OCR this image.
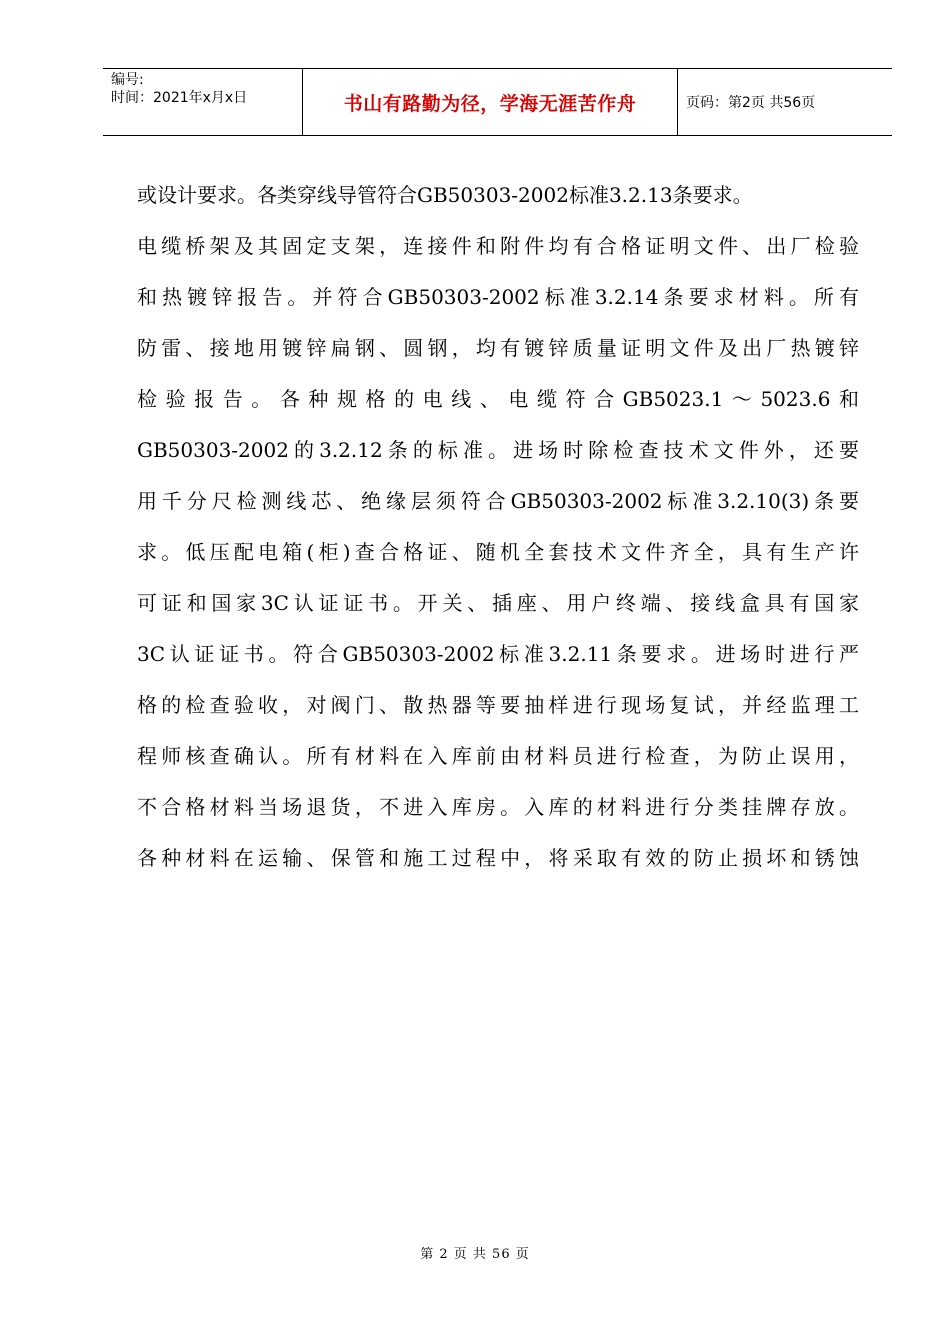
编号:
时间：2021年x月x日	书山有路勤为径，学海无涯苦作舟	页码：第2页 共56页
或设计要求。各类穿线导管符合GB50303-2002标准3.2.13条要求。
电缆桥架及其固定支架，连接件和附件均有合格证明文件、出厂检验
和热镀锌报告。并符合GB50303-2002标准3.2.14条要求材料。所有
防雷、接地用镀锌扁钢、圆钢，均有镀锌质量证明文件及出厂热镀锌
检验报告。各种规格的电线、电缆符合GB5023.1～5023.6和
GB50303-2002的3.2.12条的标准。进场时除检查技术文件外，还要
用千分尺检测线芯、绝缘层须符合GB50303-2002标准3.2.10(3)条要
求。低压配电箱(柜)查合格证、随机全套技术文件齐全，具有生产许
可证和国家3C认证证书。开关、插座、用户终端、接线盒具有国家
3C认证证书。符合GB50303-2002标准3.2.11条要求。进场时进行严
格的检查验收，对阀门、散热器等要抽样进行现场复试，并经监理工
程师核查确认。所有材料在入库前由材料员进行检查，为防止误用，
不合格材料当场退货，不进入库房。入库的材料进行分类挂牌存放。
各种材料在运输、保管和施工过程中，将采取有效的防止损坏和锈蚀
第 2 页 共 56 页
